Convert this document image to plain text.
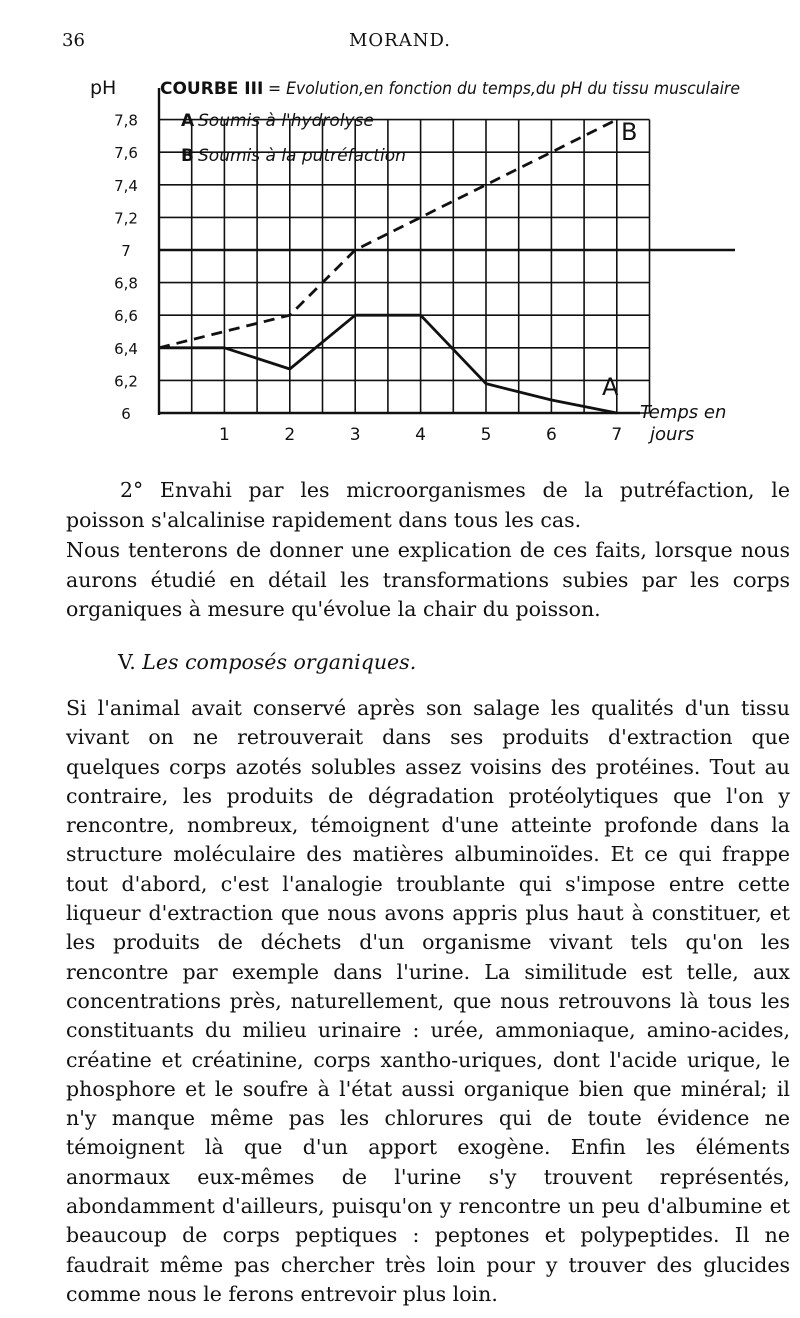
36	MORAND.
7,8
7,6
7,4
7,2
7
6,8
6,6
6,4
6,2
6
1	2	3	4	5	6	7
pH	COURBE III = Evolution,en fonction du temps,du pH du tissu musculaire
A Soumis à l'hydrolyse
B Soumis à la putréfaction
A
B
Temps en
jours

2° Envahi par les microorganismes de la putréfaction, le poisson s'alcalinise rapidement dans tous les cas.

Nous tenterons de donner une explication de ces faits, lorsque nous aurons étudié en détail les transformations subies par les corps organiques à mesure qu'évolue la chair du poisson.

V. Les composés organiques.

Si l'animal avait conservé après son salage les qualités d'un tissu vivant on ne retrouverait dans ses produits d'extraction que quelques corps azotés solubles assez voisins des protéines. Tout au contraire, les produits de dégradation protéolytiques que l'on y rencontre, nombreux, témoignent d'une atteinte profonde dans la structure moléculaire des matières albuminoïdes. Et ce qui frappe tout d'abord, c'est l'analogie troublante qui s'impose entre cette liqueur d'extraction que nous avons appris plus haut à constituer, et les produits de déchets d'un organisme vivant tels qu'on les rencontre par exemple dans l'urine. La similitude est telle, aux concentrations près, naturellement, que nous retrouvons là tous les constituants du milieu urinaire : urée, ammoniaque, amino-acides, créatine et créatinine, corps xantho-uriques, dont l'acide urique, le phosphore et le soufre à l'état aussi organique bien que minéral; il n'y manque même pas les chlorures qui de toute évidence ne témoignent là que d'un apport exogène. Enfin les éléments anormaux eux-mêmes de l'urine s'y trouvent représentés, abondamment d'ailleurs, puisqu'on y rencontre un peu d'albumine et beaucoup de corps peptiques : peptones et polypeptides. Il ne faudrait même pas chercher très loin pour y trouver des glucides comme nous le ferons entrevoir plus loin.
